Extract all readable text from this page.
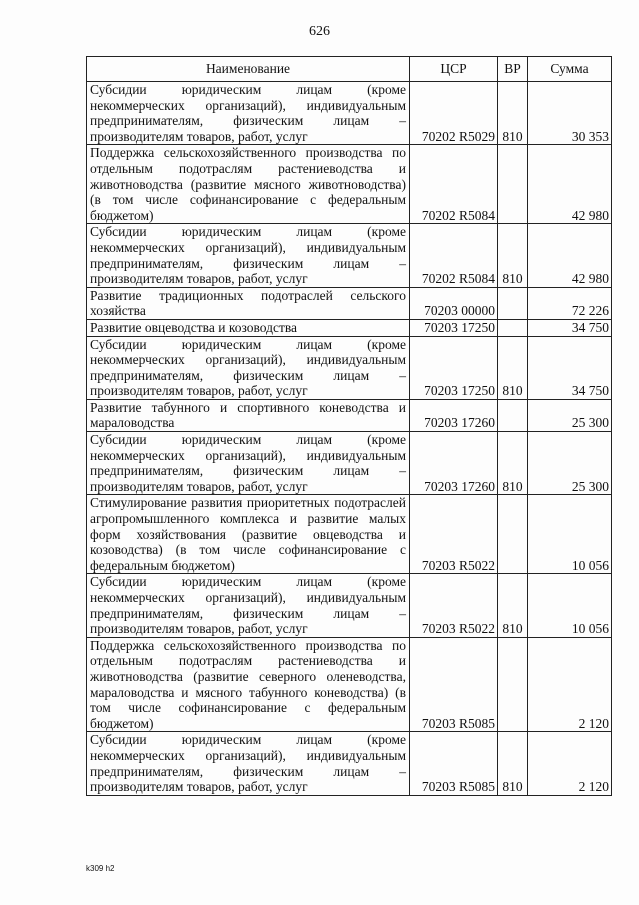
626
Наименование	ЦСР	ВР	Сумма
Субсидии юридическим лицам (кроме некоммерческих организаций), индивидуальным предпринимателям, физическим лицам – производителям товаров, работ, услуг	70202 R5029	810	30 353
Поддержка сельскохозяйственного производства по отдельным подотраслям растениеводства и животноводства (развитие мясного животноводства) (в том числе софинансирование с федеральным бюджетом)	70202 R5084		42 980
Субсидии юридическим лицам (кроме некоммерческих организаций), индивидуальным предпринимателям, физическим лицам – производителям товаров, работ, услуг	70202 R5084	810	42 980
Развитие традиционных подотраслей сельского хозяйства	70203 00000		72 226
Развитие овцеводства и козоводства	70203 17250		34 750
Субсидии юридическим лицам (кроме некоммерческих организаций), индивидуальным предпринимателям, физическим лицам – производителям товаров, работ, услуг	70203 17250	810	34 750
Развитие табунного и спортивного коневодства и мараловодства	70203 17260		25 300
Субсидии юридическим лицам (кроме некоммерческих организаций), индивидуальным предпринимателям, физическим лицам – производителям товаров, работ, услуг	70203 17260	810	25 300
Стимулирование развития приоритетных подотраслей агропромышленного комплекса и развитие малых форм хозяйствования (развитие овцеводства и козоводства) (в том числе софинансирование с федеральным бюджетом)	70203 R5022		10 056
Субсидии юридическим лицам (кроме некоммерческих организаций), индивидуальным предпринимателям, физическим лицам – производителям товаров, работ, услуг	70203 R5022	810	10 056
Поддержка сельскохозяйственного производства по отдельным подотраслям растениеводства и животноводства (развитие северного оленеводства, мараловодства и мясного табунного коневодства) (в том числе софинансирование с федеральным бюджетом)	70203 R5085		2 120
Субсидии юридическим лицам (кроме некоммерческих организаций), индивидуальным предпринимателям, физическим лицам – производителям товаров, работ, услуг	70203 R5085	810	2 120
k309 h2
